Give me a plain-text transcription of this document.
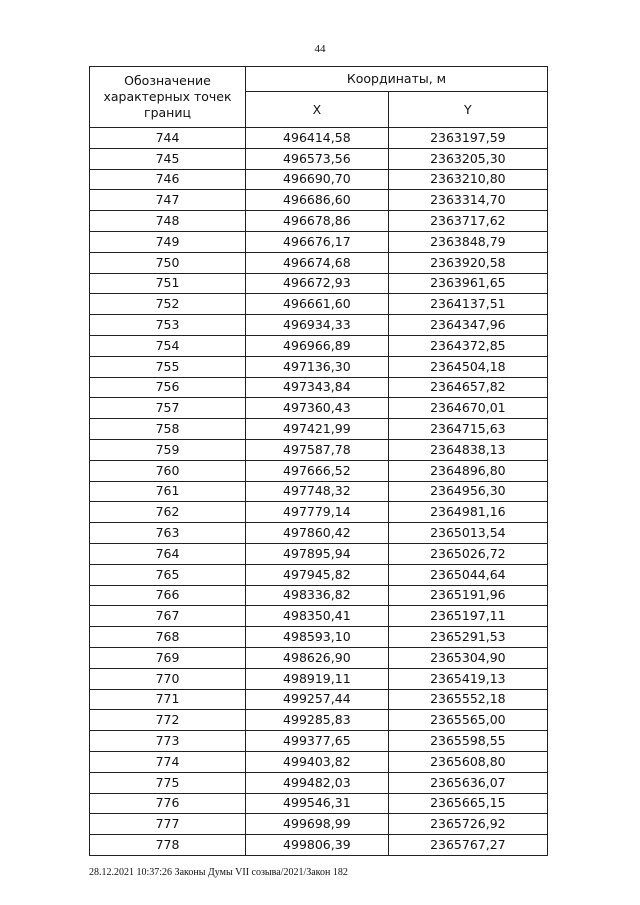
44
Обозначение характерных точек границ	Координаты, м	
	X	Y
744	496414,58	2363197,59
745	496573,56	2363205,30
746	496690,70	2363210,80
747	496686,60	2363314,70
748	496678,86	2363717,62
749	496676,17	2363848,79
750	496674,68	2363920,58
751	496672,93	2363961,65
752	496661,60	2364137,51
753	496934,33	2364347,96
754	496966,89	2364372,85
755	497136,30	2364504,18
756	497343,84	2364657,82
757	497360,43	2364670,01
758	497421,99	2364715,63
759	497587,78	2364838,13
760	497666,52	2364896,80
761	497748,32	2364956,30
762	497779,14	2364981,16
763	497860,42	2365013,54
764	497895,94	2365026,72
765	497945,82	2365044,64
766	498336,82	2365191,96
767	498350,41	2365197,11
768	498593,10	2365291,53
769	498626,90	2365304,90
770	498919,11	2365419,13
771	499257,44	2365552,18
772	499285,83	2365565,00
773	499377,65	2365598,55
774	499403,82	2365608,80
775	499482,03	2365636,07
776	499546,31	2365665,15
777	499698,99	2365726,92
778	499806,39	2365767,27
28.12.2021 10:37:26 Законы Думы VII созыва/2021/Закон 182
